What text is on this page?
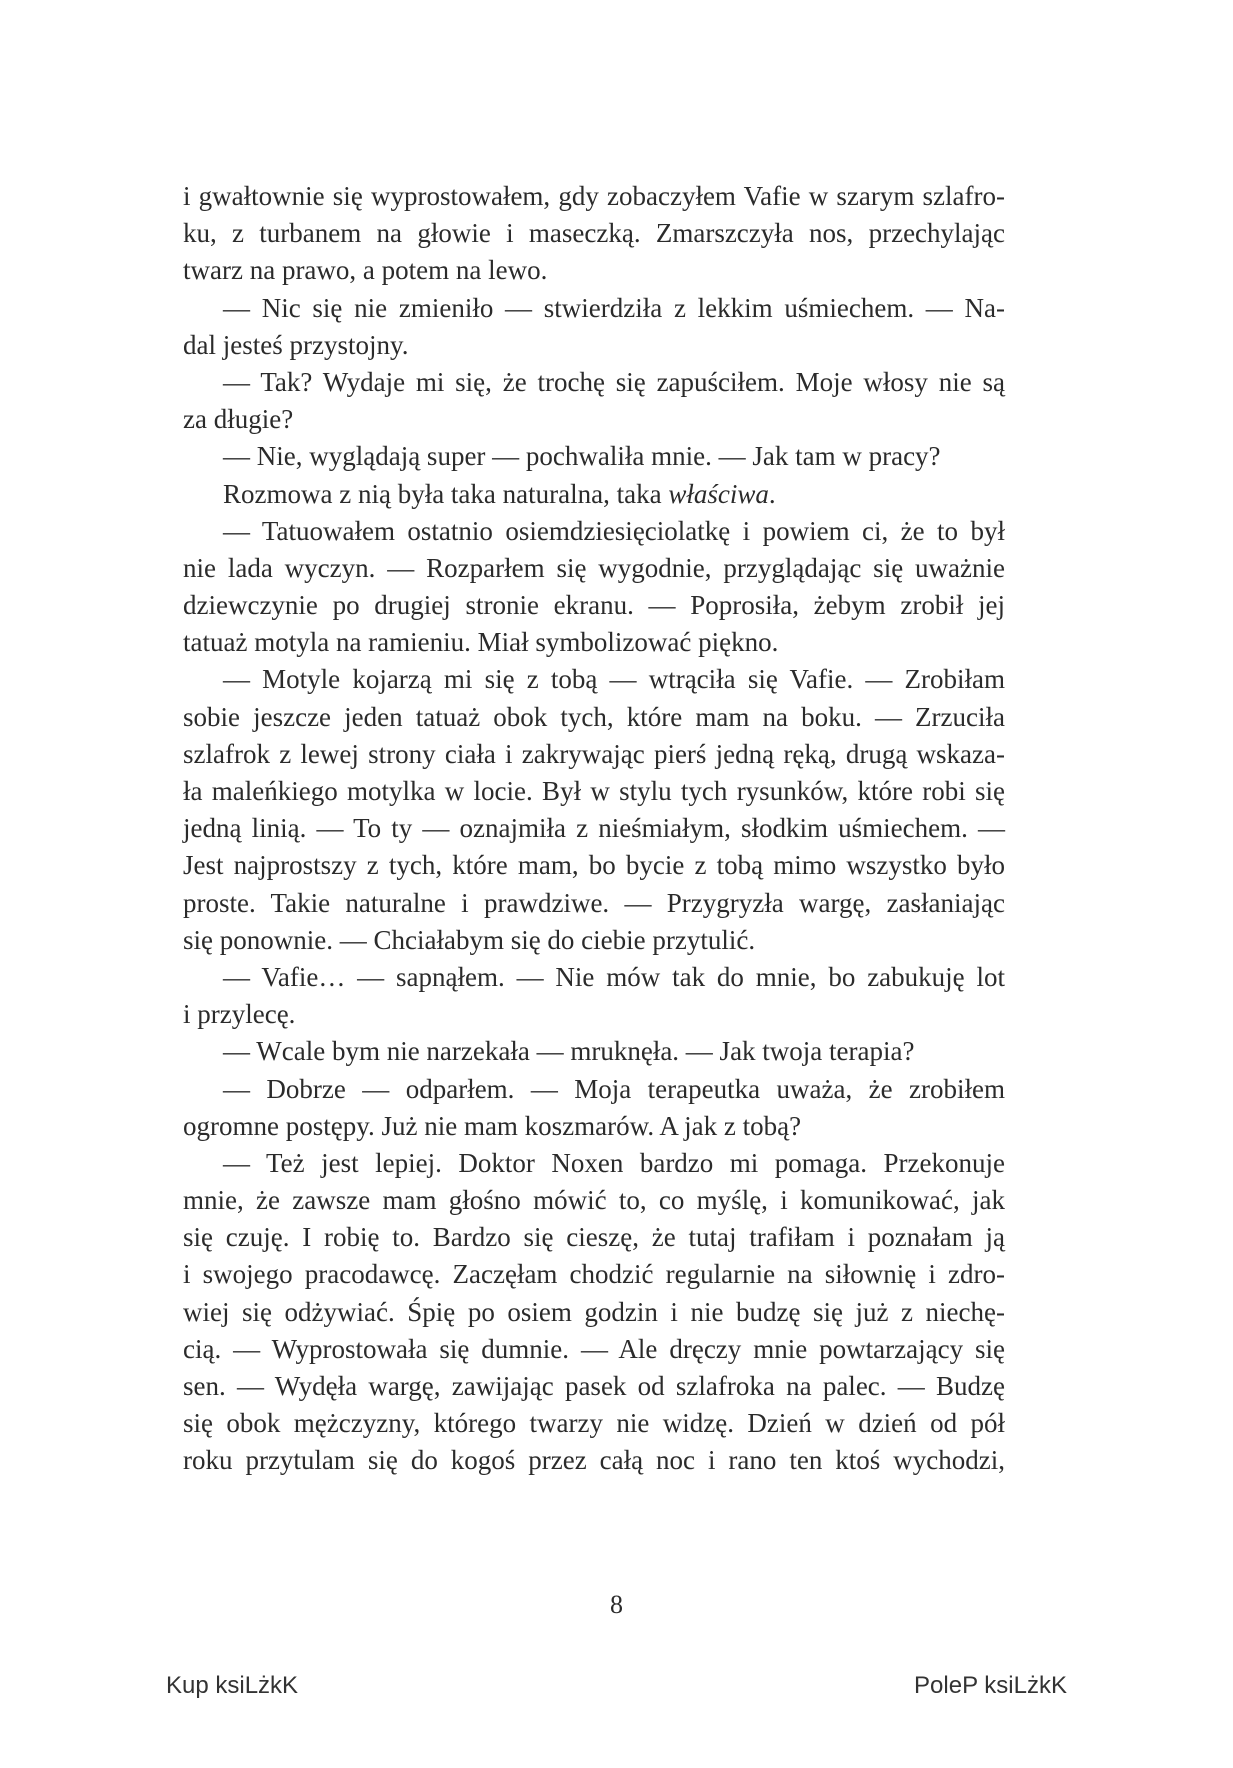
i gwałtownie się wyprostowałem, gdy zobaczyłem Vafie w szarym szlafro-
ku, z turbanem na głowie i maseczką. Zmarszczyła nos, przechylając
twarz na prawo, a potem na lewo.
— Nic się nie zmieniło — stwierdziła z lekkim uśmiechem. — Na-
dal jesteś przystojny.
— Tak? Wydaje mi się, że trochę się zapuściłem. Moje włosy nie są
za długie?
— Nie, wyglądają super — pochwaliła mnie. — Jak tam w pracy?
Rozmowa z nią była taka naturalna, taka właściwa.
— Tatuowałem ostatnio osiemdziesięciolatkę i powiem ci, że to był
nie lada wyczyn. — Rozparłem się wygodnie, przyglądając się uważnie
dziewczynie po drugiej stronie ekranu. — Poprosiła, żebym zrobił jej
tatuaż motyla na ramieniu. Miał symbolizować piękno.
— Motyle kojarzą mi się z tobą — wtrąciła się Vafie. — Zrobiłam
sobie jeszcze jeden tatuaż obok tych, które mam na boku. — Zrzuciła
szlafrok z lewej strony ciała i zakrywając pierś jedną ręką, drugą wskaza-
ła maleńkiego motylka w locie. Był w stylu tych rysunków, które robi się
jedną linią. — To ty — oznajmiła z nieśmiałym, słodkim uśmiechem. —
Jest najprostszy z tych, które mam, bo bycie z tobą mimo wszystko było
proste. Takie naturalne i prawdziwe. — Przygryzła wargę, zasłaniając
się ponownie. — Chciałabym się do ciebie przytulić.
— Vafie… — sapnąłem. — Nie mów tak do mnie, bo zabukuję lot
i przylecę.
— Wcale bym nie narzekała — mruknęła. — Jak twoja terapia?
— Dobrze — odparłem. — Moja terapeutka uważa, że zrobiłem
ogromne postępy. Już nie mam koszmarów. A jak z tobą?
— Też jest lepiej. Doktor Noxen bardzo mi pomaga. Przekonuje
mnie, że zawsze mam głośno mówić to, co myślę, i komunikować, jak
się czuję. I robię to. Bardzo się cieszę, że tutaj trafiłam i poznałam ją
i swojego pracodawcę. Zaczęłam chodzić regularnie na siłownię i zdro-
wiej się odżywiać. Śpię po osiem godzin i nie budzę się już z niechę-
cią. — Wyprostowała się dumnie. — Ale dręczy mnie powtarzający się
sen. — Wydęła wargę, zawijając pasek od szlafroka na palec. — Budzę
się obok mężczyzny, którego twarzy nie widzę. Dzień w dzień od pół
roku przytulam się do kogoś przez całą noc i rano ten ktoś wychodzi,
8
Kup ksiLżkK	PoleP ksiLżkK
